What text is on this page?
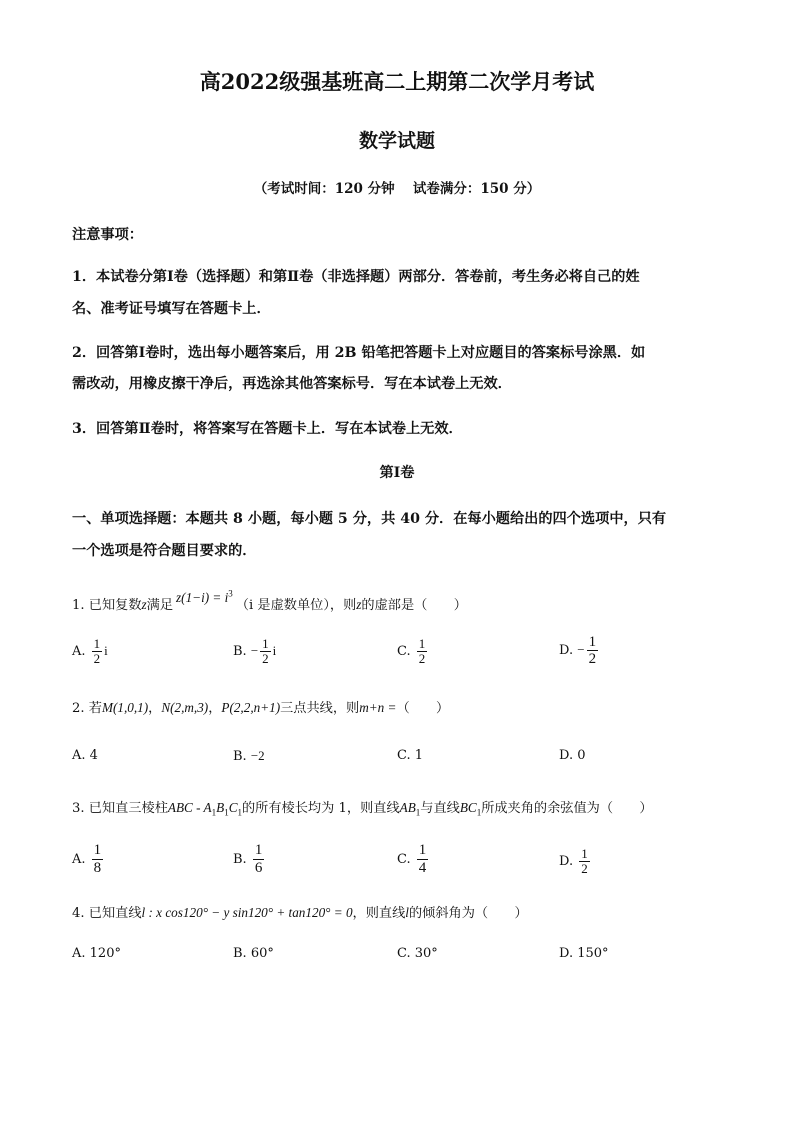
高2022级强基班高二上期第二次学月考试
数学试题
（考试时间：120 分钟　 试卷满分：150 分）
注意事项：
1．本试卷分第Ⅰ卷（选择题）和第Ⅱ卷（非选择题）两部分．答卷前，考生务必将自己的姓
名、准考证号填写在答题卡上．
2．回答第Ⅰ卷时，选出每小题答案后，用 2B 铅笔把答题卡上对应题目的答案标号涂黑．如
需改动，用橡皮擦干净后，再选涂其他答案标号．写在本试卷上无效．
3．回答第Ⅱ卷时，将答案写在答题卡上．写在本试卷上无效．
第Ⅰ卷
一、单项选择题：本题共 8 小题，每小题 5 分，共 40 分．在每小题给出的四个选项中，只有
一个选项是符合题目要求的．
1. 已知复数z满足$z(1-i) = i^3(i$ 是虚数单位），则z的虚部是（　　）
A. $\frac{1}{2}$ i	B. − $\frac{1}{2}$ i	C. $\frac{1}{2}$	D. − $\frac{1}{2}$
2. 若M(1,0,1)，N(2,m,3)，P(2,2,n+1)三点共线，则m+n =（　　）
A. 4	B. −2	C. 1	D. 0
3. 已知直三棱柱ABC - $A_1B_1C_1$的所有棱长均为 1，则直线$AB_1$与直线$BC_1$所成夹角的余弦值为（　　）
A. $\frac{1}{8}$	B. $\frac{1}{6}$	C. $\frac{1}{4}$	D. $\frac{1}{2}$
4. 已知直线l : x cos120° − y sin120° + tan120° = 0，则直线l的倾斜角为（　　）
A. 120°	B. 60°	C. 30°	D. 150°
